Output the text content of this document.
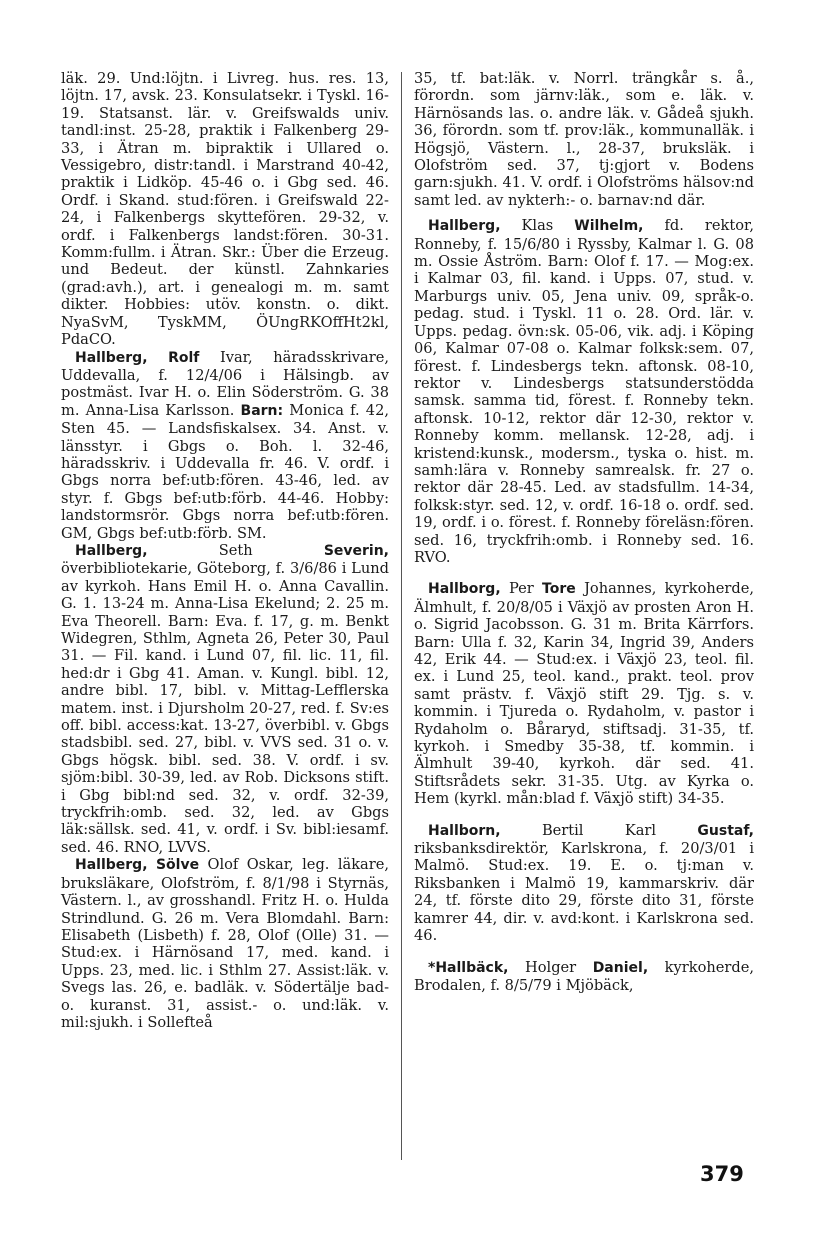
läk. 29. Und:löjtn. i Livreg. hus. res. 13, löjtn. 17, avsk. 23. Konsulatsekr. i Tyskl. 16-19. Statsanst. lär. v. Greifswalds univ. tandl:inst. 25-28, praktik i Falkenberg 29-33, i Ätran m. bipraktik i Ullared o. Vessigebro, distr:tandl. i Marstrand 40-42, praktik i Lidköp. 45-46 o. i Gbg sed. 46. Ordf. i Skand. stud:fören. i Greifswald 22-24, i Falkenbergs skyttefören. 29-32, v. ordf. i Falkenbergs landst:fören. 30-31. Komm:fullm. i Ätran. Skr.: Über die Erzeug. und Bedeut. der künstl. Zahnkaries (grad:avh.), art. i genealogi m. m. samt dikter. Hobbies: utöv. konstn. o. dikt. NyaSvM, TyskMM, ÖUngRKOffHt2kl, PdaCO.

Hallberg, Rolf Ivar, häradsskrivare, Uddevalla, f. 12/4/06 i Hälsingb. av postmäst. Ivar H. o. Elin Söderström. G. 38 m. Anna-Lisa Karlsson. Barn: Monica f. 42, Sten 45. — Landsfiskalsex. 34. Anst. v. länsstyr. i Gbgs o. Boh. l. 32-46, häradsskriv. i Uddevalla fr. 46. V. ordf. i Gbgs norra bef:utb:fören. 43-46, led. av styr. f. Gbgs bef:utb:förb. 44-46. Hobby: landstormsrör. Gbgs norra bef:utb:fören. GM, Gbgs bef:utb:förb. SM.

Hallberg, Seth Severin, överbibliotekarie, Göteborg, f. 3/6/86 i Lund av kyrkoh. Hans Emil H. o. Anna Cavallin. G. 1. 13-24 m. Anna-Lisa Ekelund; 2. 25 m. Eva Theorell. Barn: Eva. f. 17, g. m. Benkt Widegren, Sthlm, Agneta 26, Peter 30, Paul 31. — Fil. kand. i Lund 07, fil. lic. 11, fil. hed:dr i Gbg 41. Aman. v. Kungl. bibl. 12, andre bibl. 17, bibl. v. Mittag-Lefflerska matem. inst. i Djursholm 20-27, red. f. Sv:es off. bibl. access:kat. 13-27, överbibl. v. Gbgs stadsbibl. sed. 27, bibl. v. VVS sed. 31 o. v. Gbgs högsk. bibl. sed. 38. V. ordf. i sv. sjöm:bibl. 30-39, led. av Rob. Dicksons stift. i Gbg bibl:nd sed. 32, v. ordf. 32-39, tryckfrih:omb. sed. 32, led. av Gbgs läk:sällsk. sed. 41, v. ordf. i Sv. bibl:iesamf. sed. 46. RNO, LVVS.

Hallberg, Sölve Olof Oskar, leg. läkare, bruksläkare, Olofström, f. 8/1/98 i Styrnäs, Västern. l., av grosshandl. Fritz H. o. Hulda Strindlund. G. 26 m. Vera Blomdahl. Barn: Elisabeth (Lisbeth) f. 28, Olof (Olle) 31. — Stud:ex. i Härnösand 17, med. kand. i Upps. 23, med. lic. i Sthlm 27. Assist:läk. v. Svegs las. 26, e. badläk. v. Södertälje bad- o. kuranst. 31, assist.- o. und:läk. v. mil:sjukh. i Sollefteå

35, tf. bat:läk. v. Norrl. trängkår s. å., förordn. som järnv:läk., som e. läk. v. Härnösands las. o. andre läk. v. Gådeå sjukh. 36, förordn. som tf. prov:läk., kommunalläk. i Högsjö, Västern. l., 28-37, bruksläk. i Olofström sed. 37, tj:gjort v. Bodens garn:sjukh. 41. V. ordf. i Olofströms hälsov:nd samt led. av nykterh:- o. barnav:nd där.

Hallberg, Klas Wilhelm, fd. rektor, Ronneby, f. 15/6/80 i Ryssby, Kalmar l. G. 08 m. Ossie Åström. Barn: Olof f. 17. — Mog:ex. i Kalmar 03, fil. kand. i Upps. 07, stud. v. Marburgs univ. 05, Jena univ. 09, språk-o. pedag. stud. i Tyskl. 11 o. 28. Ord. lär. v. Upps. pedag. övn:sk. 05-06, vik. adj. i Köping 06, Kalmar 07-08 o. Kalmar folksk:sem. 07, förest. f. Lindesbergs tekn. aftonsk. 08-10, rektor v. Lindesbergs statsunderstödda samsk. samma tid, förest. f. Ronneby tekn. aftonsk. 10-12, rektor där 12-30, rektor v. Ronneby komm. mellansk. 12-28, adj. i kristend:kunsk., modersm., tyska o. hist. m. samh:lära v. Ronneby samrealsk. fr. 27 o. rektor där 28-45. Led. av stadsfullm. 14-34, folksk:styr. sed. 12, v. ordf. 16-18 o. ordf. sed. 19, ordf. i o. förest. f. Ronneby föreläsn:fören. sed. 16, tryckfrih:omb. i Ronneby sed. 16. RVO.

Hallborg, Per Tore Johannes, kyrkoherde, Älmhult, f. 20/8/05 i Växjö av prosten Aron H. o. Sigrid Jacobsson. G. 31 m. Brita Kärrfors. Barn: Ulla f. 32, Karin 34, Ingrid 39, Anders 42, Erik 44. — Stud:ex. i Växjö 23, teol. fil. ex. i Lund 25, teol. kand., prakt. teol. prov samt prästv. f. Växjö stift 29. Tjg. s. v. kommin. i Tjureda o. Rydaholm, v. pastor i Rydaholm o. Båraryd, stiftsadj. 31-35, tf. kyrkoh. i Smedby 35-38, tf. kommin. i Älmhult 39-40, kyrkoh. där sed. 41. Stiftsrådets sekr. 31-35. Utg. av Kyrka o. Hem (kyrkl. mån:blad f. Växjö stift) 34-35.

Hallborn, Bertil Karl Gustaf, riksbanksdirektör, Karlskrona, f. 20/3/01 i Malmö. Stud:ex. 19. E. o. tj:man v. Riksbanken i Malmö 19, kammarskriv. där 24, tf. förste dito 29, förste dito 31, förste kamrer 44, dir. v. avd:kont. i Karlskrona sed. 46.

*Hallbäck, Holger Daniel, kyrkoherde, Brodalen, f. 8/5/79 i Mjöbäck,

379
